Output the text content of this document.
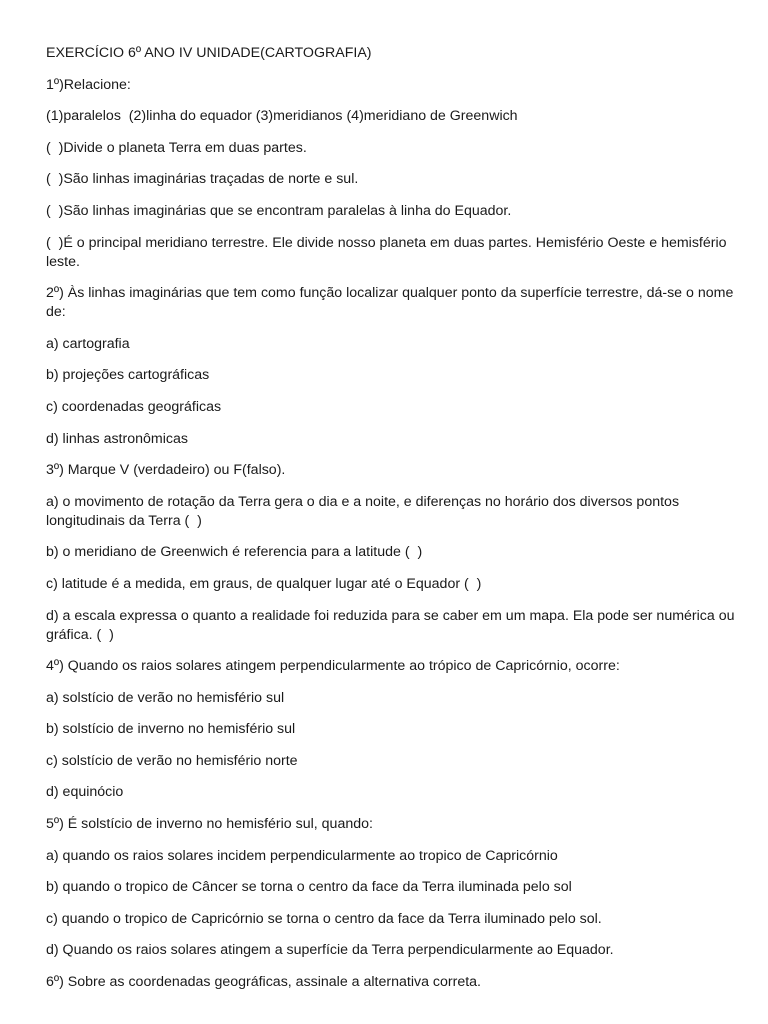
EXERCÍCIO 6º ANO IV UNIDADE(CARTOGRAFIA)
1º)Relacione:
(1)paralelos  (2)linha do equador (3)meridianos (4)meridiano de Greenwich
(  )Divide o planeta Terra em duas partes.
(  )São linhas imaginárias traçadas de norte e sul.
(  )São linhas imaginárias que se encontram paralelas à linha do Equador.
(  )É o principal meridiano terrestre. Ele divide nosso planeta em duas partes. Hemisfério Oeste e hemisfério leste.
2º) Às linhas imaginárias que tem como função localizar qualquer ponto da superfície terrestre, dá-se o nome de:
a) cartografia
b) projeções cartográficas
c) coordenadas geográficas
d) linhas astronômicas
3º) Marque V (verdadeiro) ou F(falso).
a) o movimento de rotação da Terra gera o dia e a noite, e diferenças no horário dos diversos pontos longitudinais da Terra (  )
b) o meridiano de Greenwich é referencia para a latitude (  )
c) latitude é a medida, em graus, de qualquer lugar até o Equador (  )
d) a escala expressa o quanto a realidade foi reduzida para se caber em um mapa. Ela pode ser numérica ou gráfica. (  )
4º) Quando os raios solares atingem perpendicularmente ao trópico de Capricórnio, ocorre:
a) solstício de verão no hemisfério sul
b) solstício de inverno no hemisfério sul
c) solstício de verão no hemisfério norte
d) equinócio
5º) É solstício de inverno no hemisfério sul, quando:
a) quando os raios solares incidem perpendicularmente ao tropico de Capricórnio
b) quando o tropico de Câncer se torna o centro da face da Terra iluminada pelo sol
c) quando o tropico de Capricórnio se torna o centro da face da Terra iluminado pelo sol.
d) Quando os raios solares atingem a superfície da Terra perpendicularmente ao Equador.
6º) Sobre as coordenadas geográficas, assinale a alternativa correta.
